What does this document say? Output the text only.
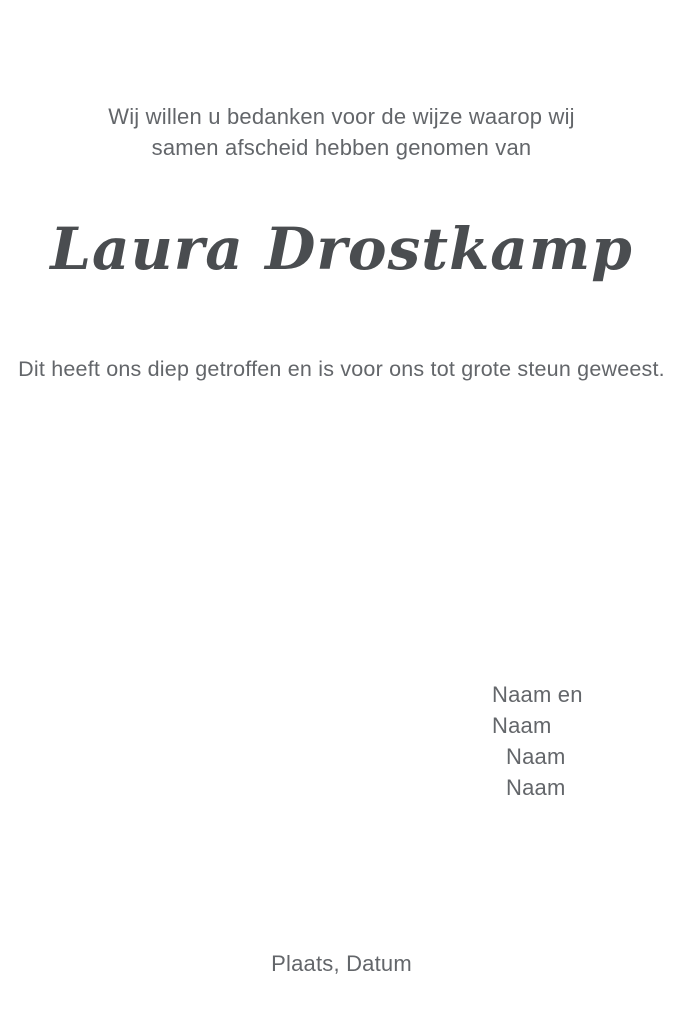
Wij willen u bedanken voor de wijze waarop wij
samen afscheid hebben genomen van
Laura Drostkamp
Dit heeft ons diep getroffen en is voor ons tot grote steun geweest.
Naam en
Naam
Naam
Naam
Plaats, Datum
